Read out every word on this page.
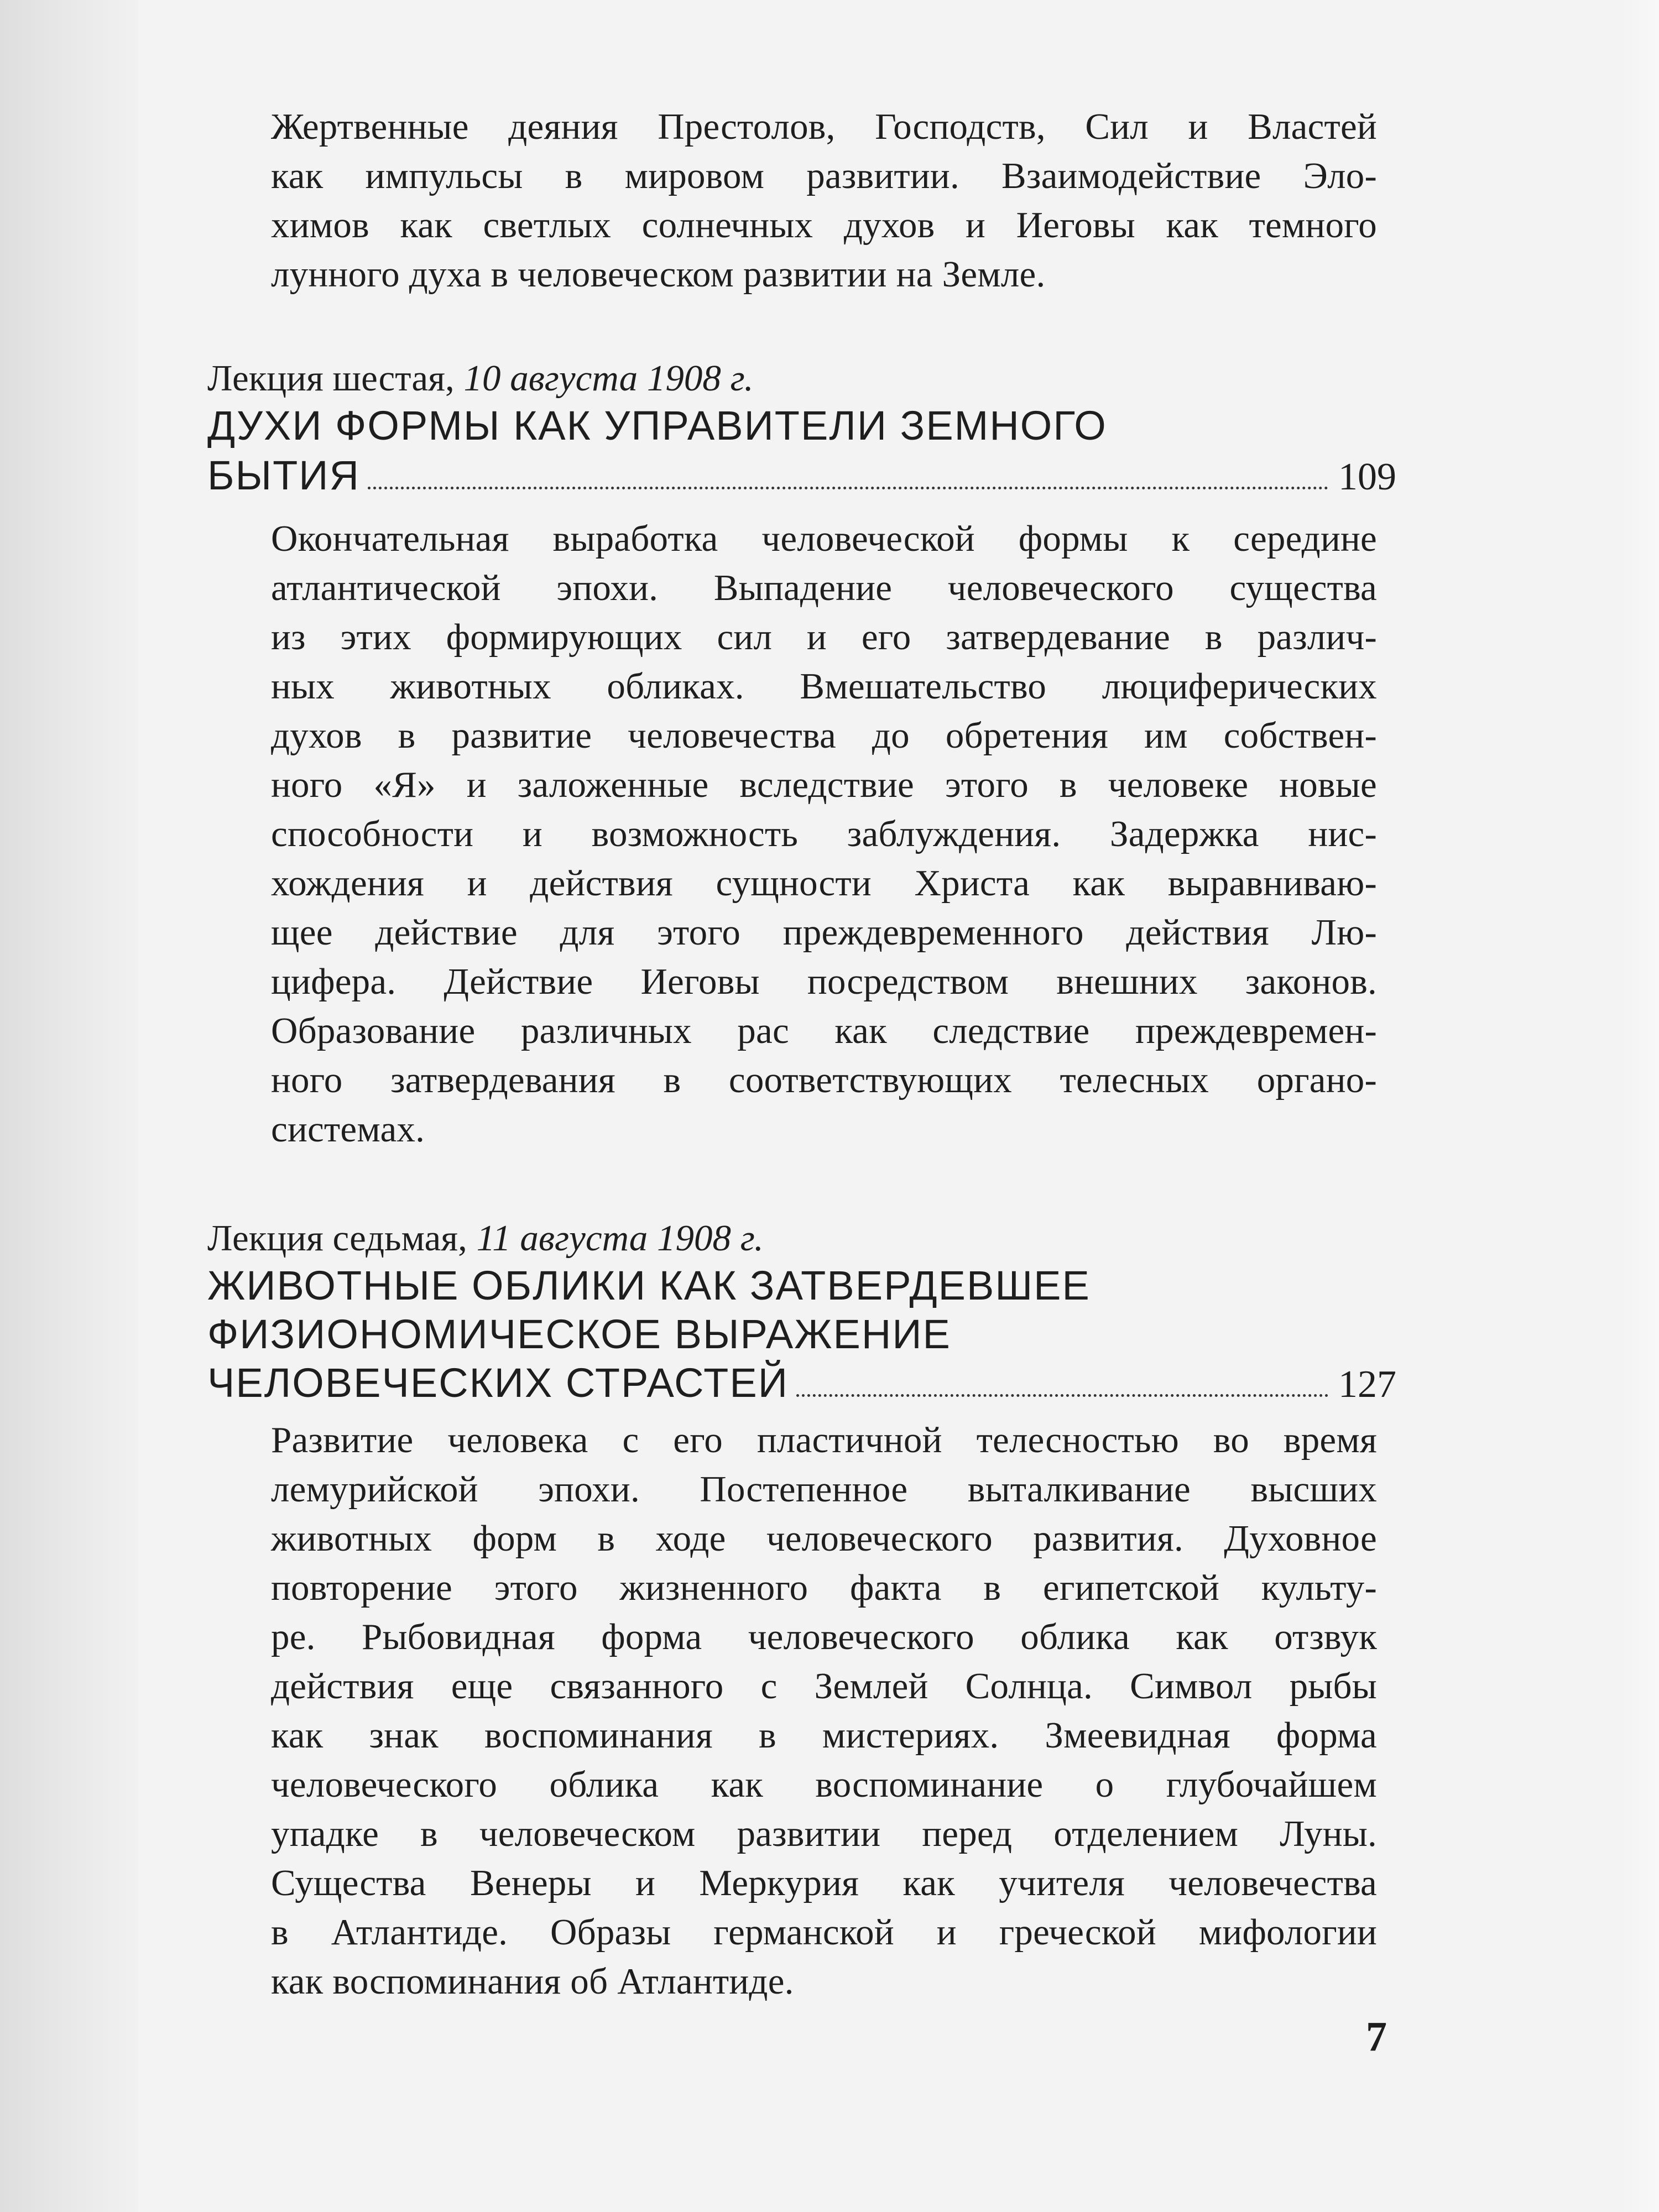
Жертвенные деяния Престолов, Господств, Сил и Властей
как импульсы в мировом развитии. Взаимодействие Эло-
химов как светлых солнечных духов и Иеговы как темного
лунного духа в человеческом развитии на Земле.

Лекция шестая, 10 августа 1908 г.
ДУХИ ФОРМЫ КАК УПРАВИТЕЛИ ЗЕМНОГО
БЫТИЯ	109

Окончательная выработка человеческой формы к середине
атлантической эпохи. Выпадение человеческого существа
из этих формирующих сил и его затвердевание в различ-
ных животных обликах. Вмешательство люциферических
духов в развитие человечества до обретения им собствен-
ного «Я» и заложенные вследствие этого в человеке новые
способности и возможность заблуждения. Задержка нис-
хождения и действия сущности Христа как выравниваю-
щее действие для этого преждевременного действия Лю-
цифера. Действие Иеговы посредством внешних законов.
Образование различных рас как следствие преждевремен-
ного затвердевания в соответствующих телесных органо-
системах.

Лекция седьмая, 11 августа 1908 г.
ЖИВОТНЫЕ ОБЛИКИ КАК ЗАТВЕРДЕВШЕЕ
ФИЗИОНОМИЧЕСКОЕ ВЫРАЖЕНИЕ
ЧЕЛОВЕЧЕСКИХ СТРАСТЕЙ	127

Развитие человека с его пластичной телесностью во время
лемурийской эпохи. Постепенное выталкивание высших
животных форм в ходе человеческого развития. Духовное
повторение этого жизненного факта в египетской культу-
ре. Рыбовидная форма человеческого облика как отзвук
действия еще связанного с Землей Солнца. Символ рыбы
как знак воспоминания в мистериях. Змеевидная форма
человеческого облика как воспоминание о глубочайшем
упадке в человеческом развитии перед отделением Луны.
Существа Венеры и Меркурия как учителя человечества
в Атлантиде. Образы германской и греческой мифологии
как воспоминания об Атлантиде.

7
